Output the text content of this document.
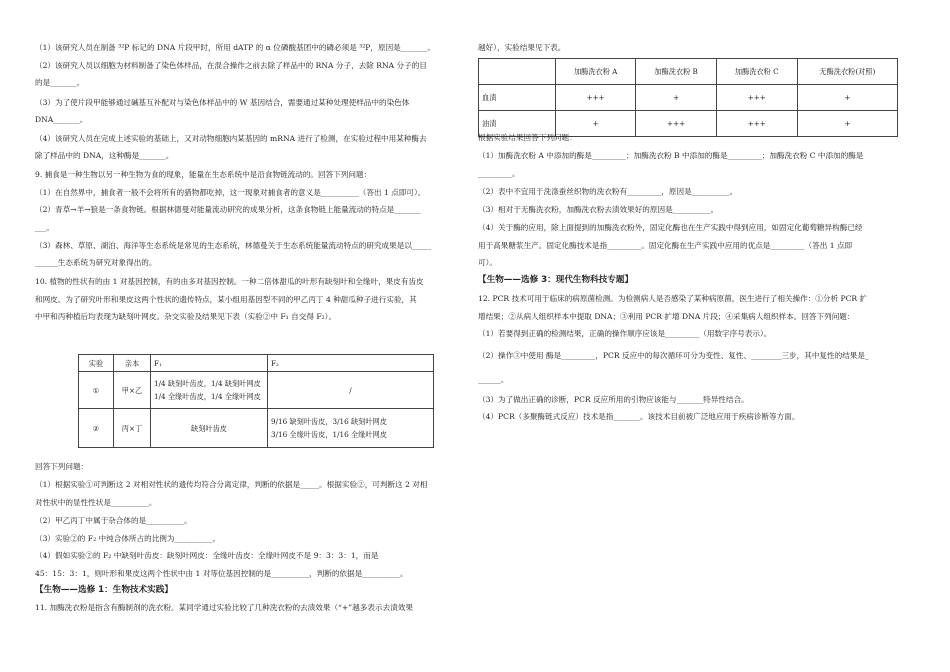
（1）该研究人员在制备 ³²P 标记的 DNA 片段甲时，所用 dATP 的 α 位磷酸基团中的磷必须是 ³²P，原因是_______。
（2）该研究人员以细胞为材料制备了染色体样品，在混合操作之前去除了样品中的 RNA 分子，去除 RNA 分子的目
的是_______。
（3）为了使片段甲能够通过碱基互补配对与染色体样品中的 W 基因结合，需要通过某种处理使样品中的染色体
DNA_______。
（4）该研究人员在完成上述实验的基础上，又对动物细胞内某基因的 mRNA 进行了检测，在实验过程中用某种酶去
除了样品中的 DNA，这种酶是_______。
9. 捕食是一种生物以另一种生物为食的现象，能量在生态系统中是沿食物链流动的。回答下列问题：
（1）在自然界中，捕食者一般不会将所有的猎物都吃掉，这一现象对捕食者的意义是__________（答出 1 点即可）。
（2）青草→羊→狼是一条食物链。根据林德曼对能量流动研究的成果分析，这条食物链上能量流动的特点是_______
___。
（3）森林、草原、湖泊、海洋等生态系统是常见的生态系统，林德曼关于生态系统能量流动特点的研究成果是以_____
______生态系统为研究对象得出的。
10. 植物的性状有的由 1 对基因控制，有的由多对基因控制。一种二倍体甜瓜的叶形有缺刻叶和全缘叶，果皮有齿皮
和网皮。为了研究叶形和果皮这两个性状的遗传特点，某小组用基因型不同的甲乙丙丁 4 种甜瓜种子进行实验，其
中甲和丙种植后均表现为缺刻叶网皮。杂交实验及结果见下表（实验②中 F₁ 自交得 F₂）。
实验	亲本	F₁	F₂
①	甲×乙	1/4 缺刻叶齿皮，1/4 缺刻叶网皮
1/4 全缘叶齿皮，1/4 全缘叶网皮	/
②	丙×丁	缺刻叶齿皮	9/16 缺刻叶齿皮，3/16 缺刻叶网皮
3/16 全缘叶齿皮，1/16 全缘叶网皮
回答下列问题：
（1）根据实验①可判断这 2 对相对性状的遗传均符合分离定律，判断的依据是_____。根据实验②，可判断这 2 对相
对性状中的显性性状是__________。
（2）甲乙丙丁中属于杂合体的是__________。
（3）实验②的 F₂ 中纯合体所占的比例为__________。
（4）假如实验②的 F₂ 中缺刻叶齿皮：缺刻叶网皮：全缘叶齿皮：全缘叶网皮不是 9：3：3：1，而是
45：15：3：1，则叶形和果皮这两个性状中由 1 对等位基因控制的是__________，判断的依据是__________。
【生物——选修 1：生物技术实践】
11. 加酶洗衣粉是指含有酶制剂的洗衣粉。某同学通过实验比较了几种洗衣粉的去渍效果（“+”越多表示去渍效果
越好），实验结果见下表。
	加酶洗衣粉 A	加酶洗衣粉 B	加酶洗衣粉 C	无酶洗衣粉(对照)
血渍	+++	+	+++	+
油渍	+	+++	+++	+
根据实验结果回答下列问题：
（1）加酶洗衣粉 A 中添加的酶是_________；加酶洗衣粉 B 中添加的酶是_________；加酶洗衣粉 C 中添加的酶是
_________。
（2）表中不宜用于洗涤蚕丝织物的洗衣粉有_________，原因是__________。
（3）相对于无酶洗衣粉，加酶洗衣粉去渍效果好的原因是__________。
（4）关于酶的应用，除上面提到的加酶洗衣粉外，固定化酶也在生产实践中得到应用，如固定化葡萄糖异构酶已经
用于高果糖浆生产。固定化酶技术是指_________。固定化酶在生产实践中应用的优点是_________（答出 1 点即
可）。
【生物——选修 3：现代生物科技专题】
12. PCR 技术可用于临床的病原菌检测。为检测病人是否感染了某种病原菌，医生进行了相关操作：①分析 PCR 扩
增结果；②从病人组织样本中提取 DNA；③利用 PCR 扩增 DNA 片段；④采集病人组织样本。回答下列问题：
（1）若要得到正确的检测结果，正确的操作顺序应该是_________（用数字序号表示）。
（2）操作③中使用 酶是_________，PCR 反应中的每次循环可分为变性、复性、________三步，其中复性的结果是_
______。
（3）为了做出正确的诊断，PCR 反应所用的引物应该能与_______特异性结合。
（4）PCR（多聚酶链式反应）技术是指_______。该技术目前被广泛地应用于疾病诊断等方面。
